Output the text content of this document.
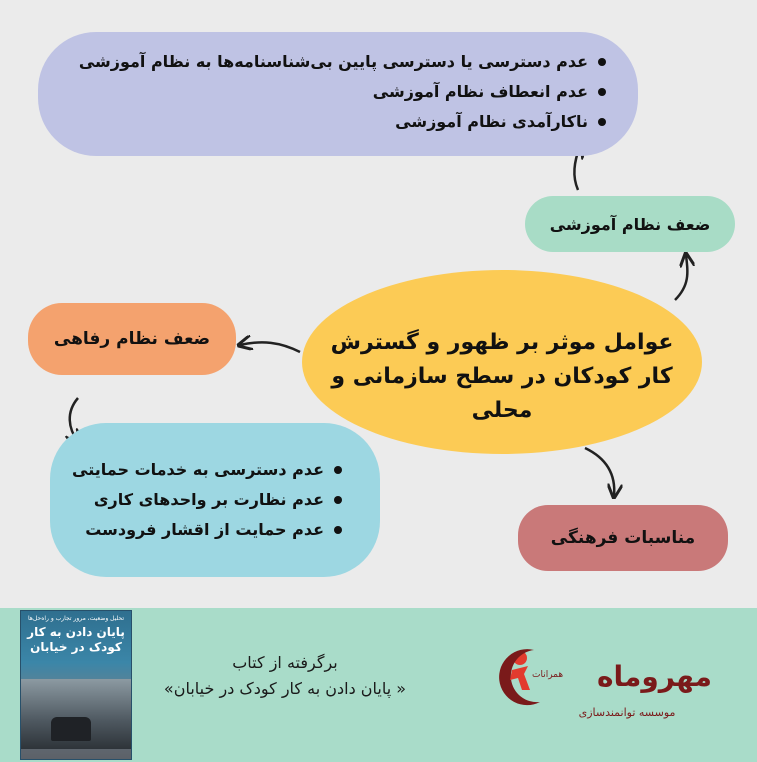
عدم دسترسی یا دسترسی پایین بی‌شناسنامه‌ها به نظام آموزشی
عدم انعطاف نظام آموزشی
ناکارآمدی نظام آموزشی
ضعف نظام آموزشی
عوامل موثر بر ظهور و گسترش
کار کودکان در سطح سازمانی و محلی
ضعف نظام رفاهی
عدم دسترسی به خدمات حمایتی
عدم نظارت بر واحدهای کاری
عدم حمایت از اقشار فرودست	مناسبات فرهنگی
تحلیل وضعیت، مرور تجارب و راه‌حل‌ها
پایان دادن به کار
کودک در خیابان
برگرفته از کتاب
« پایان دادن به کار کودک در خیابان»
همرانات	مهروماه
موسسه توانمندسازی
